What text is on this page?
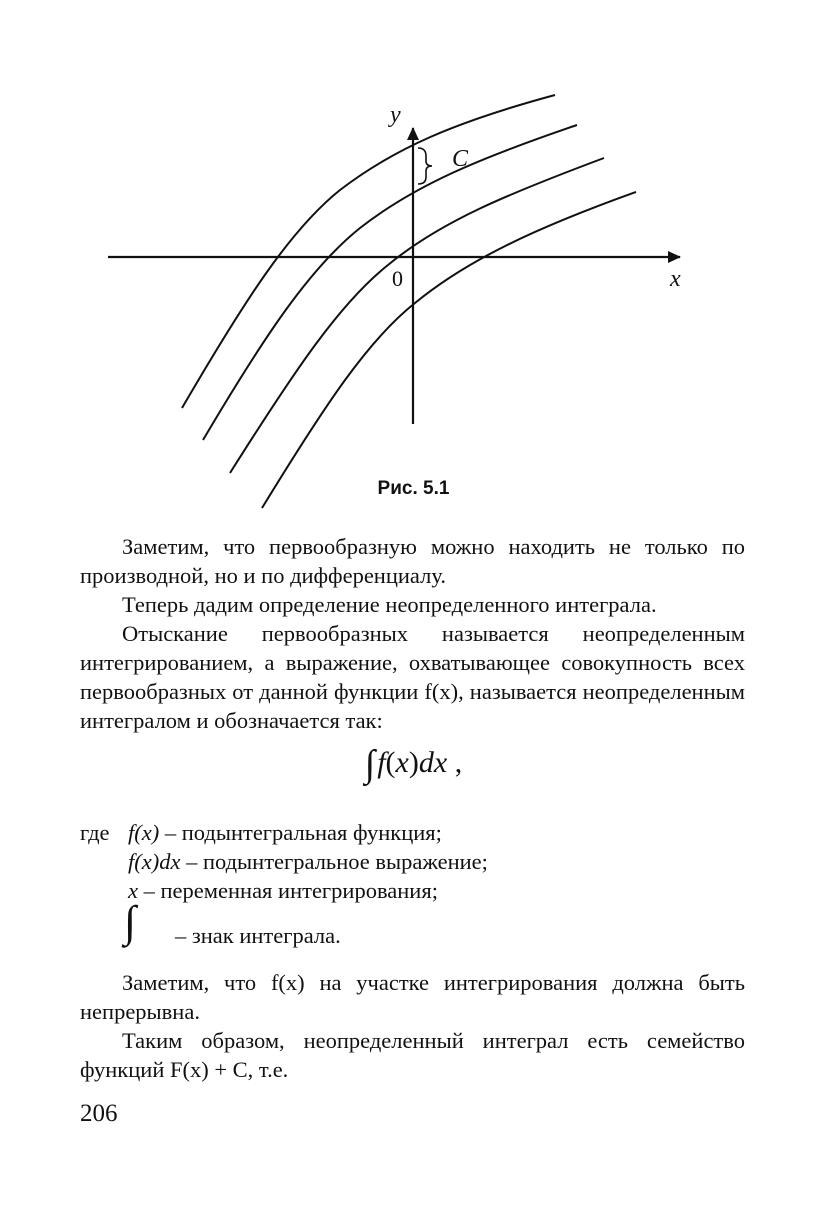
y
x
0
C
Рис. 5.1

Заметим, что первообразную можно находить не только по производной, но и по дифференциалу.

Теперь дадим определение неопределенного интеграла.

Отыскание первообразных называется неопределенным интегрированием, а выражение, охватывающее совокупность всех первообразных от данной функции f(x), называется неопределенным интегралом и обозначается так:

∫f(x)dx ,
где f(x) – подынтегральная функция;
f(x)dx – подынтегральное выражение;
x – переменная интегрирования;
∫ – знак интеграла.

Заметим, что f(x) на участке интегрирования должна быть непрерывна.

Таким образом, неопределенный интеграл есть семейство функций F(x) + C, т.е.

206
